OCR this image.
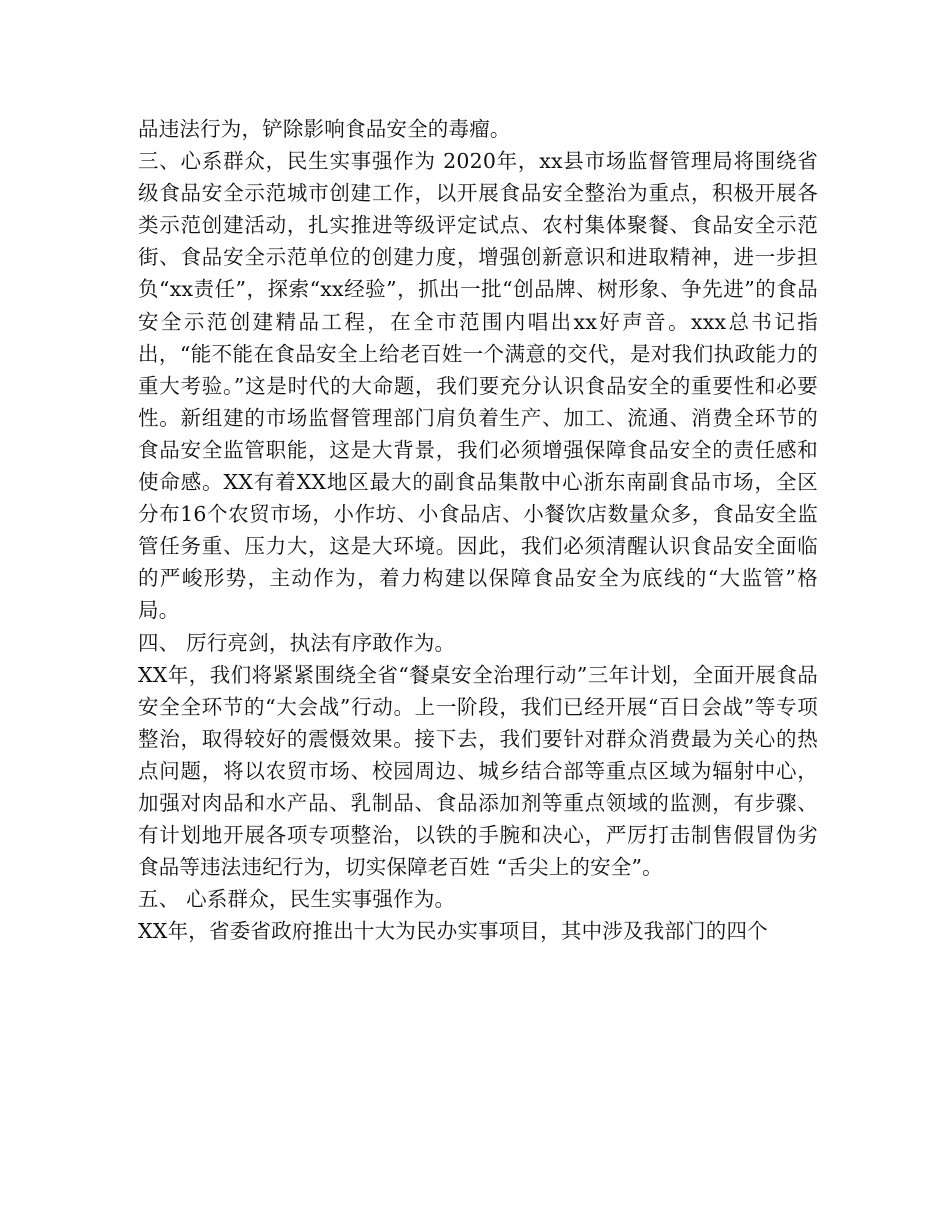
品违法行为，铲除影响食品安全的毒瘤。

三、心系群众，民生实事强作为 2020年，xx县市场监督管理局将围绕省级食品安全示范城市创建工作，以开展食品安全整治为重点，积极开展各类示范创建活动，扎实推进等级评定试点、农村集体聚餐、食品安全示范街、食品安全示范单位的创建力度，增强创新意识和进取精神，进一步担负“xx责任”，探索“xx经验”，抓出一批“创品牌、树形象、争先进”的食品安全示范创建精品工程，在全市范围内唱出xx好声音。xxx总书记指出，“能不能在食品安全上给老百姓一个满意的交代，是对我们执政能力的重大考验。”这是时代的大命题，我们要充分认识食品安全的重要性和必要性。新组建的市场监督管理部门肩负着生产、加工、流通、消费全环节的食品安全监管职能，这是大背景，我们必须增强保障食品安全的责任感和使命感。XX有着XX地区最大的副食品集散中心浙东南副食品市场，全区分布16个农贸市场，小作坊、小食品店、小餐饮店数量众多，食品安全监管任务重、压力大，这是大环境。因此，我们必须清醒认识食品安全面临的严峻形势，主动作为，着力构建以保障食品安全为底线的“大监管”格局。

四、 厉行亮剑，执法有序敢作为。

XX年，我们将紧紧围绕全省“餐桌安全治理行动”三年计划，全面开展食品安全全环节的“大会战”行动。上一阶段，我们已经开展“百日会战”等专项整治，取得较好的震慑效果。接下去，我们要针对群众消费最为关心的热点问题，将以农贸市场、校园周边、城乡结合部等重点区域为辐射中心，加强对肉品和水产品、乳制品、食品添加剂等重点领域的监测，有步骤、有计划地开展各项专项整治，以铁的手腕和决心，严厉打击制售假冒伪劣食品等违法违纪行为，切实保障老百姓 “舌尖上的安全”。

五、 心系群众，民生实事强作为。

XX年，省委省政府推出十大为民办实事项目，其中涉及我部门的四个
